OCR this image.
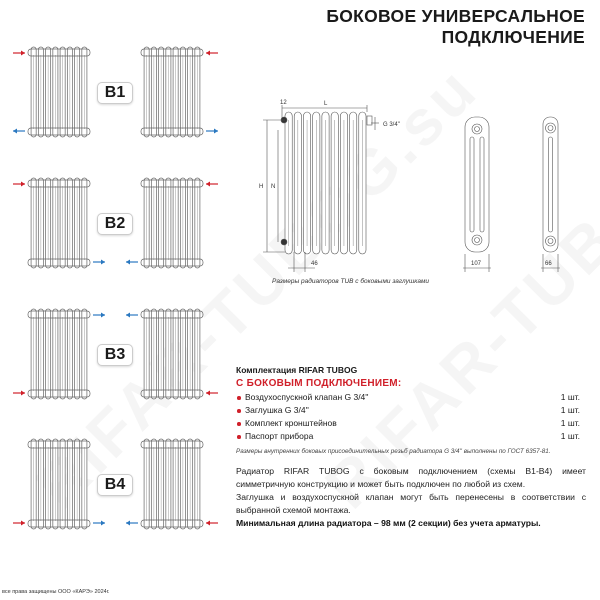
БОКОВОЕ УНИВЕРСАЛЬНОЕ
ПОДКЛЮЧЕНИЕ
B1
B2
B3
B4
12	L
H N
G 3/4''
46	107	66
Размеры радиаторов TUB с боковыми заглушками
Комплектация RIFAR TUBOG
С БОКОВЫМ ПОДКЛЮЧЕНИЕМ:
Воздухоспускной клапан G 3/4''	1 шт.
Заглушка G 3/4''	1 шт.
Комплект кронштейнов	1 шт.
Паспорт прибора	1 шт.
Размеры внутренних боковых присоединительных резьб радиатора G 3/4'' выполнены по ГОСТ 6357-81.

Радиатор RIFAR TUBOG с боковым подключением (схемы В1-В4) имеет симметричную конструкцию и может быть подключен по любой из схем.

Заглушка и воздухоспускной клапан могут быть перенесены в соответствии с выбранной схемой монтажа.

Минимальная длина радиатора – 98 мм (2 секции) без учета арматуры.

все права защищены ООО «КАРЭ» 2024г.
